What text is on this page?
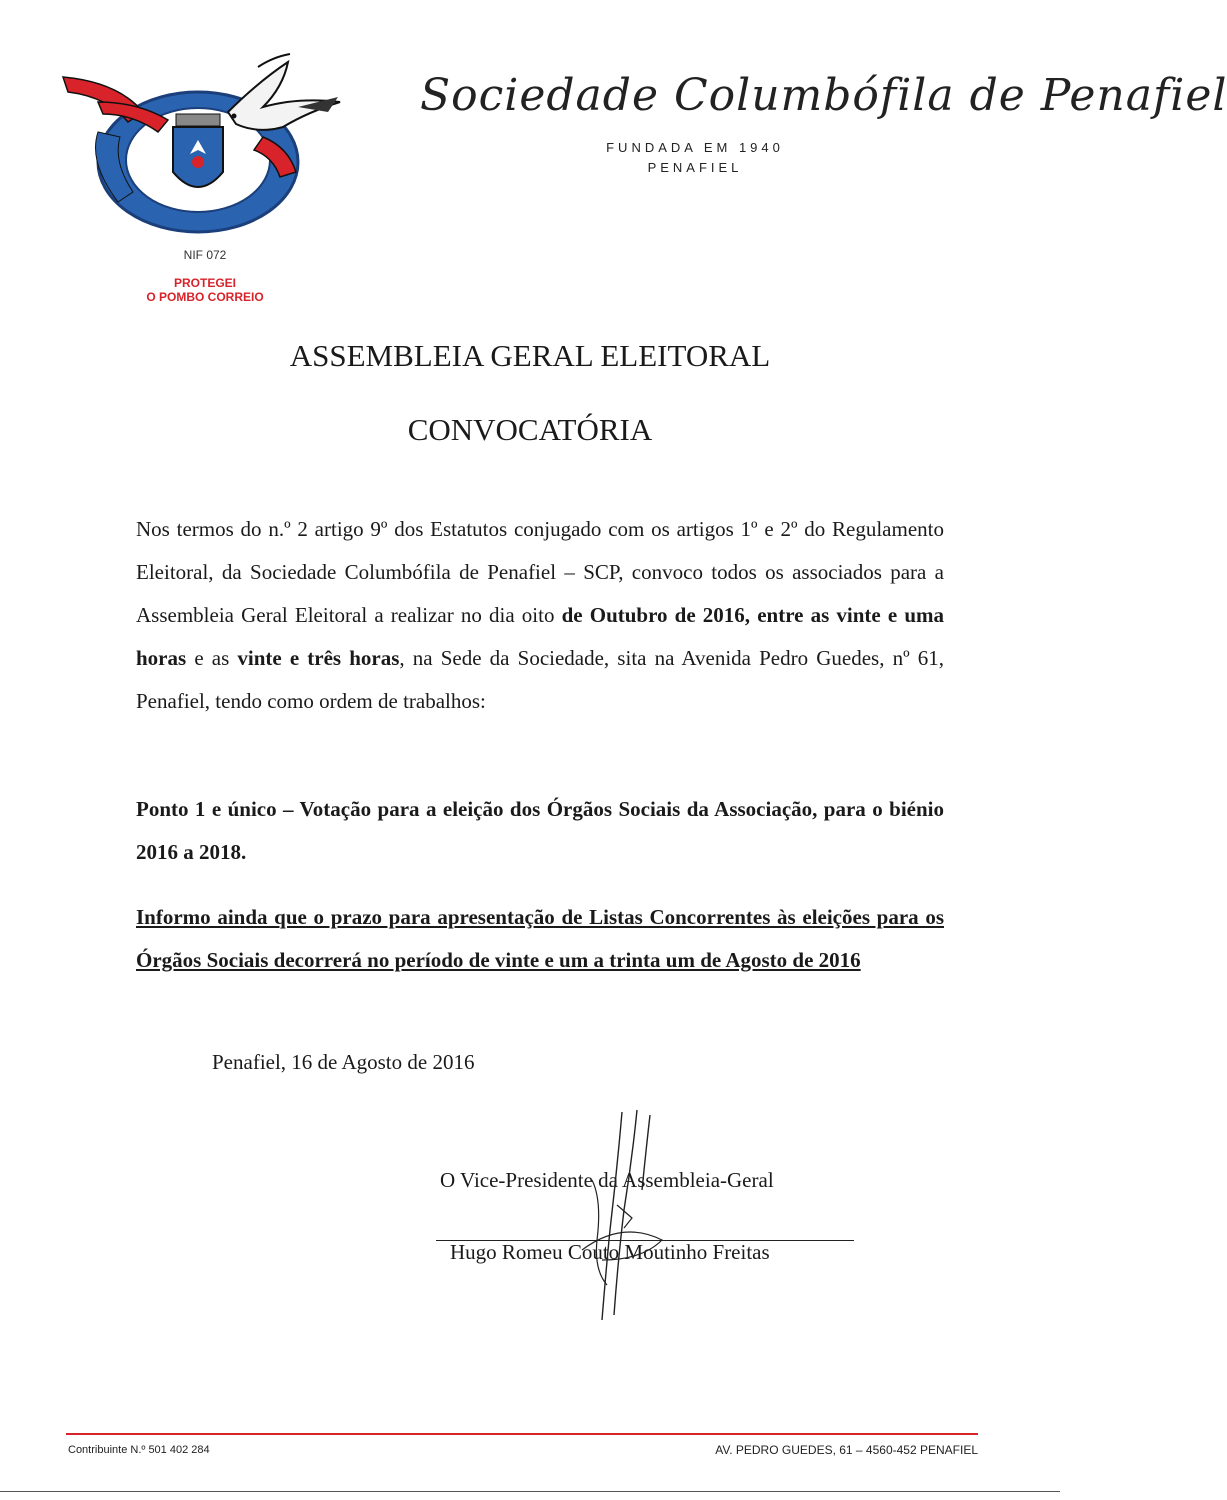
Sociedade Columbófila de Penafiel
FUNDADA EM 1940
PENAFIEL
NIF 072
PROTEGEI
O POMBO CORREIO
ASSEMBLEIA GERAL ELEITORAL
CONVOCATÓRIA
Nos termos do n.º 2 artigo 9º dos Estatutos conjugado com os artigos 1º e 2º do Regulamento Eleitoral, da Sociedade Columbófila de Penafiel – SCP, convoco todos os associados para a Assembleia Geral Eleitoral a realizar no dia oito de Outubro de 2016, entre as vinte e uma horas e as vinte e três horas, na Sede da Sociedade, sita na Avenida Pedro Guedes, nº 61, Penafiel, tendo como ordem de trabalhos:
Ponto 1 e único – Votação para a eleição dos Órgãos Sociais da Associação, para o biénio 2016 a 2018.
Informo ainda que o prazo para apresentação de Listas Concorrentes às eleições para os Órgãos Sociais decorrerá no período de vinte e um a trinta um de Agosto de 2016
Penafiel, 16 de Agosto de 2016
O Vice-Presidente da Assembleia-Geral
Hugo Romeu Couto Moutinho Freitas
Contribuinte N.º 501 402 284	AV. PEDRO GUEDES, 61 – 4560-452 PENAFIEL
